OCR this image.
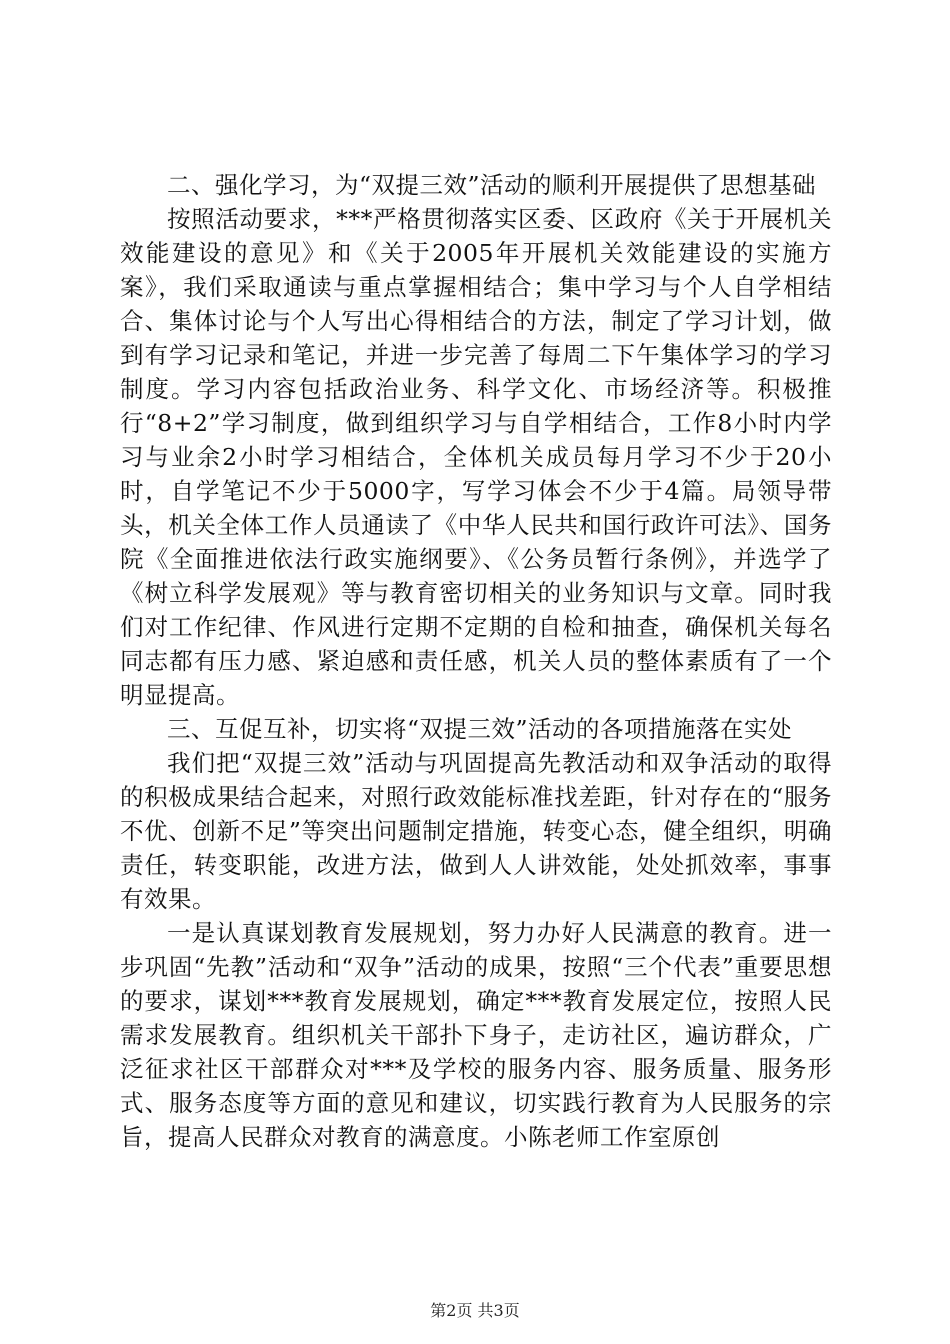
二、强化学习，为“双提三效”活动的顺利开展提供了思想基础

按照活动要求，***严格贯彻落实区委、区政府《关于开展机关效能建设的意见》和《关于2005年开展机关效能建设的实施方案》，我们采取通读与重点掌握相结合；集中学习与个人自学相结合、集体讨论与个人写出心得相结合的方法，制定了学习计划，做到有学习记录和笔记，并进一步完善了每周二下午集体学习的学习制度。学习内容包括政治业务、科学文化、市场经济等。积极推行“8+2”学习制度，做到组织学习与自学相结合，工作8小时内学习与业余2小时学习相结合，全体机关成员每月学习不少于20小时，自学笔记不少于5000字，写学习体会不少于4篇。局领导带头，机关全体工作人员通读了《中华人民共和国行政许可法》、国务院《全面推进依法行政实施纲要》、《公务员暂行条例》，并选学了《树立科学发展观》等与教育密切相关的业务知识与文章。同时我们对工作纪律、作风进行定期不定期的自检和抽查，确保机关每名同志都有压力感、紧迫感和责任感，机关人员的整体素质有了一个明显提高。

三、互促互补，切实将“双提三效”活动的各项措施落在实处

我们把“双提三效”活动与巩固提高先教活动和双争活动的取得的积极成果结合起来，对照行政效能标准找差距，针对存在的“服务不优、创新不足”等突出问题制定措施，转变心态，健全组织，明确责任，转变职能，改进方法，做到人人讲效能，处处抓效率，事事有效果。

一是认真谋划教育发展规划，努力办好人民满意的教育。进一步巩固“先教”活动和“双争”活动的成果，按照“三个代表”重要思想的要求，谋划***教育发展规划，确定***教育发展定位，按照人民需求发展教育。组织机关干部扑下身子，走访社区，遍访群众，广泛征求社区干部群众对***及学校的服务内容、服务质量、服务形式、服务态度等方面的意见和建议，切实践行教育为人民服务的宗旨，提高人民群众对教育的满意度。小陈老师工作室原创

第2页 共3页
